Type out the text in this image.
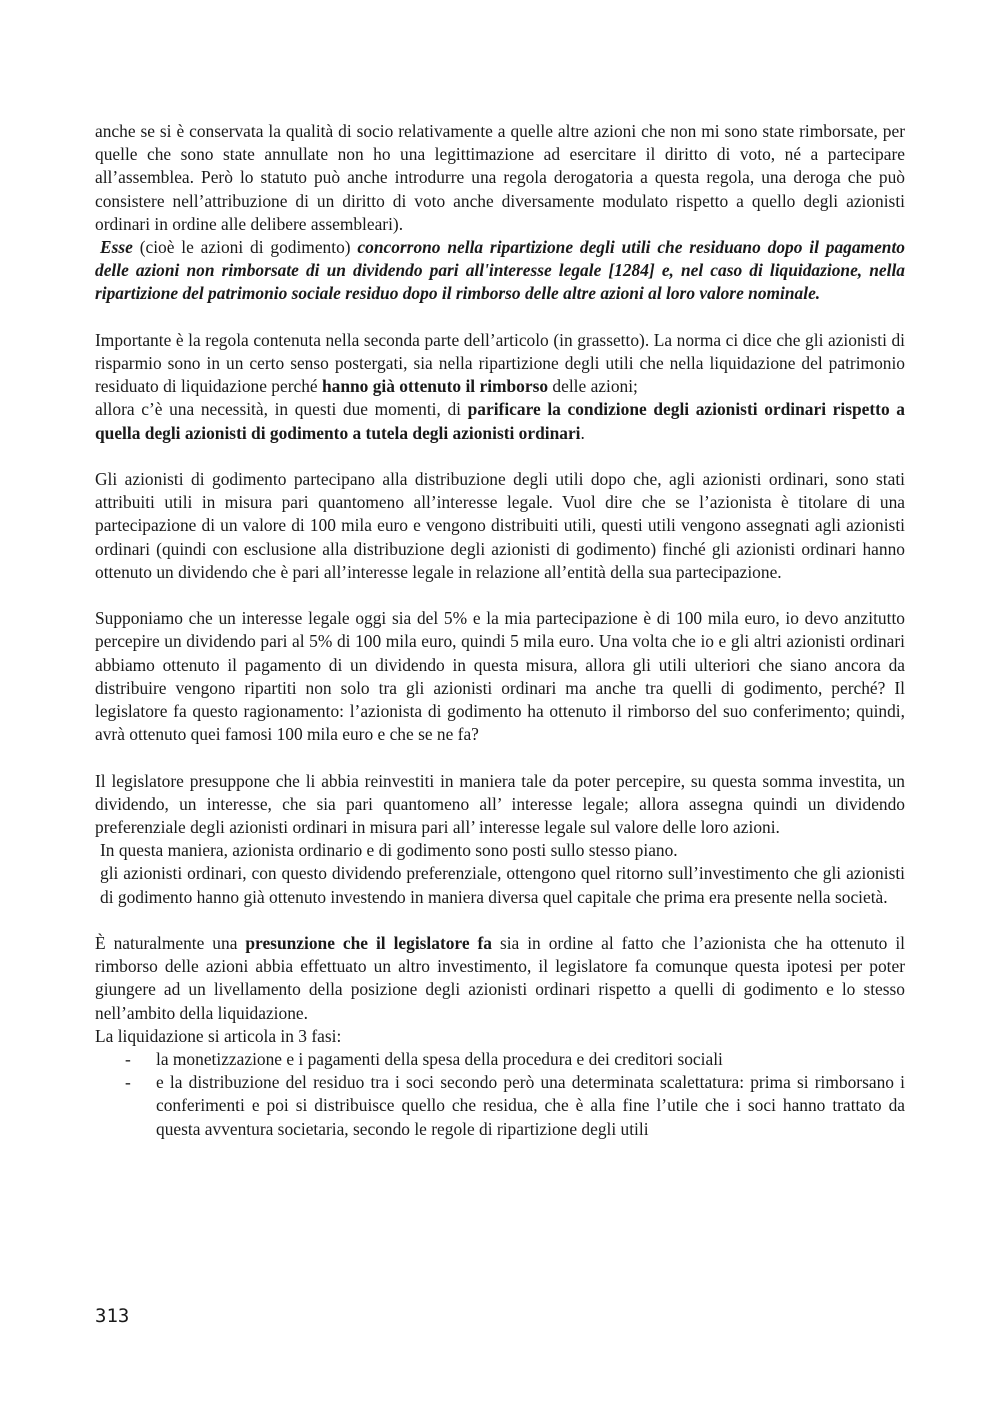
anche se si è conservata la qualità di socio relativamente a quelle altre azioni che non mi sono state rimborsate, per quelle che sono state annullate non ho una legittimazione ad esercitare il diritto di voto, né a partecipare all’assemblea. Però lo statuto può anche introdurre una regola derogatoria a questa regola, una deroga che può consistere nell’attribuzione di un diritto di voto anche diversamente modulato rispetto a quello degli azionisti ordinari in ordine alle delibere assembleari).

Esse (cioè le azioni di godimento) concorrono nella ripartizione degli utili che residuano dopo il pagamento delle azioni non rimborsate di un dividendo pari all'interesse legale [1284] e, nel caso di liquidazione, nella ripartizione del patrimonio sociale residuo dopo il rimborso delle altre azioni al loro valore nominale.

Importante è la regola contenuta nella seconda parte dell’articolo (in grassetto). La norma ci dice che gli azionisti di risparmio sono in un certo senso postergati, sia nella ripartizione degli utili che nella liquidazione del patrimonio residuato di liquidazione perché hanno già ottenuto il rimborso delle azioni;

allora c’è una necessità, in questi due momenti, di parificare la condizione degli azionisti ordinari rispetto a quella degli azionisti di godimento a tutela degli azionisti ordinari.

Gli azionisti di godimento partecipano alla distribuzione degli utili dopo che, agli azionisti ordinari, sono stati attribuiti utili in misura pari quantomeno all’interesse legale. Vuol dire che se l’azionista è titolare di una partecipazione di un valore di 100 mila euro e vengono distribuiti utili, questi utili vengono assegnati agli azionisti ordinari (quindi con esclusione alla distribuzione degli azionisti di godimento) finché gli azionisti ordinari hanno ottenuto un dividendo che è pari all’interesse legale in relazione all’entità della sua partecipazione.

Supponiamo che un interesse legale oggi sia del 5% e la mia partecipazione è di 100 mila euro, io devo anzitutto percepire un dividendo pari al 5% di 100 mila euro, quindi 5 mila euro. Una volta che io e gli altri azionisti ordinari abbiamo ottenuto il pagamento di un dividendo in questa misura, allora gli utili ulteriori che siano ancora da distribuire vengono ripartiti non solo tra gli azionisti ordinari ma anche tra quelli di godimento, perché? Il legislatore fa questo ragionamento: l’azionista di godimento ha ottenuto il rimborso del suo conferimento; quindi, avrà ottenuto quei famosi 100 mila euro e che se ne fa?

Il legislatore presuppone che li abbia reinvestiti in maniera tale da poter percepire, su questa somma investita, un dividendo, un interesse, che sia pari quantomeno all’ interesse legale; allora assegna quindi un dividendo preferenziale degli azionisti ordinari in misura pari all’ interesse legale sul valore delle loro azioni.

In questa maniera, azionista ordinario e di godimento sono posti sullo stesso piano.

gli azionisti ordinari, con questo dividendo preferenziale, ottengono quel ritorno sull’investimento che gli azionisti di godimento hanno già ottenuto investendo in maniera diversa quel capitale che prima era presente nella società.

È naturalmente una presunzione che il legislatore fa sia in ordine al fatto che l’azionista che ha ottenuto il rimborso delle azioni abbia effettuato un altro investimento, il legislatore fa comunque questa ipotesi per poter giungere ad un livellamento della posizione degli azionisti ordinari rispetto a quelli di godimento e lo stesso nell’ambito della liquidazione.

La liquidazione si articola in 3 fasi:

- la monetizzazione e i pagamenti della spesa della procedura e dei creditori sociali
- e la distribuzione del residuo tra i soci secondo però una determinata scalettatura: prima si rimborsano i conferimenti e poi si distribuisce quello che residua, che è alla fine l’utile che i soci hanno trattato da questa avventura societaria, secondo le regole di ripartizione degli utili
313
